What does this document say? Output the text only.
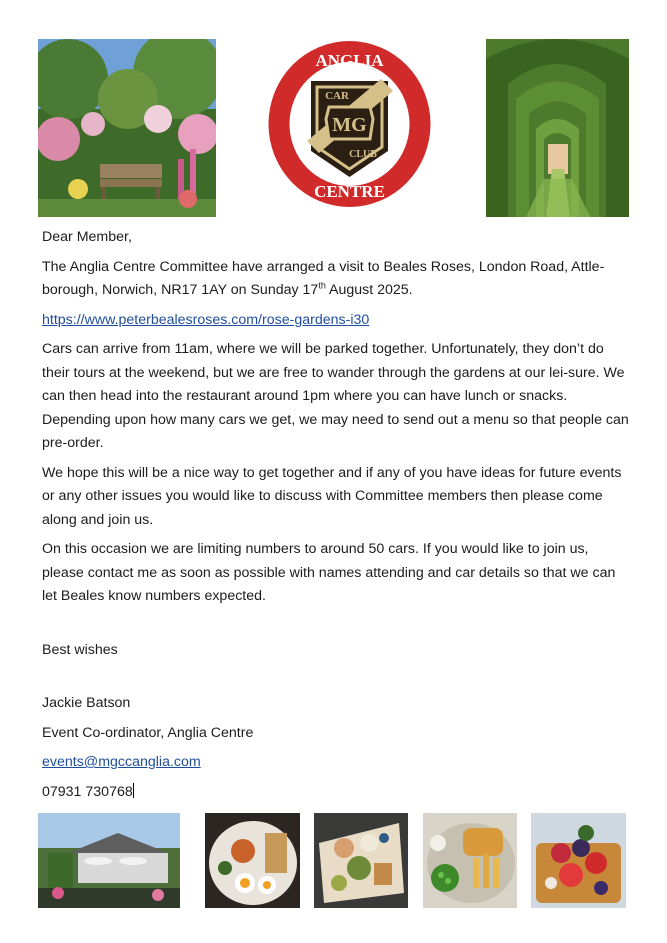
ANGLIA
CENTRE
CAR
MG
CLUB

Dear Member,

The Anglia Centre Committee have arranged a visit to Beales Roses, London Road, Attle-borough, Norwich, NR17 1AY on Sunday 17th August 2025.

https://www.peterbealesroses.com/rose-gardens-i30

Cars can arrive from 11am, where we will be parked together. Unfortunately, they don’t do their tours at the weekend, but we are free to wander through the gardens at our lei-sure. We can then head into the restaurant around 1pm where you can have lunch or snacks. Depending upon how many cars we get, we may need to send out a menu so that people can pre-order.

We hope this will be a nice way to get together and if any of you have ideas for future events or any other issues you would like to discuss with Committee members then please come along and join us.

On this occasion we are limiting numbers to around 50 cars. If you would like to join us, please contact me as soon as possible with names attending and car details so that we can let Beales know numbers expected.

Best wishes

Jackie Batson

Event Co-ordinator, Anglia Centre

events@mgccanglia.com

07931 730768
